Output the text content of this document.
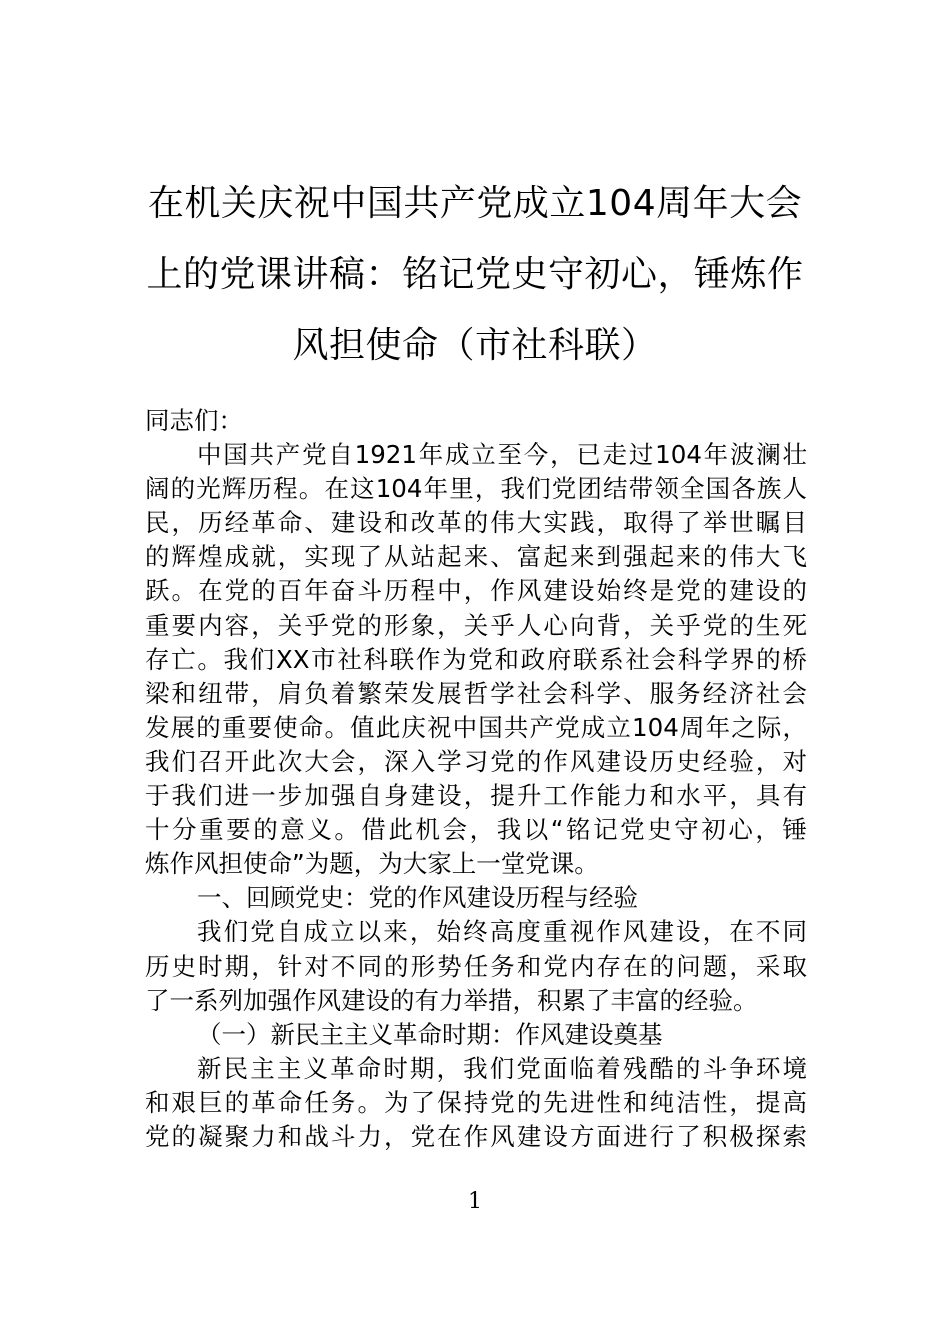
在机关庆祝中国共产党成立104周年大会
上的党课讲稿：铭记党史守初心，锤炼作
风担使命（市社科联）
同志们：
中国共产党自1921年成立至今，已走过104年波澜壮
阔的光辉历程。在这104年里，我们党团结带领全国各族人
民，历经革命、建设和改革的伟大实践，取得了举世瞩目
的辉煌成就，实现了从站起来、富起来到强起来的伟大飞
跃。在党的百年奋斗历程中，作风建设始终是党的建设的
重要内容，关乎党的形象，关乎人心向背，关乎党的生死
存亡。我们XX市社科联作为党和政府联系社会科学界的桥
梁和纽带，肩负着繁荣发展哲学社会科学、服务经济社会
发展的重要使命。值此庆祝中国共产党成立104周年之际，
我们召开此次大会，深入学习党的作风建设历史经验，对
于我们进一步加强自身建设，提升工作能力和水平，具有
十分重要的意义。借此机会，我以“铭记党史守初心，锤
炼作风担使命”为题，为大家上一堂党课。
一、回顾党史：党的作风建设历程与经验
我们党自成立以来，始终高度重视作风建设，在不同
历史时期，针对不同的形势任务和党内存在的问题，采取
了一系列加强作风建设的有力举措，积累了丰富的经验。
（一）新民主主义革命时期：作风建设奠基
新民主主义革命时期，我们党面临着残酷的斗争环境
和艰巨的革命任务。为了保持党的先进性和纯洁性，提高
党的凝聚力和战斗力，党在作风建设方面进行了积极探索
1
